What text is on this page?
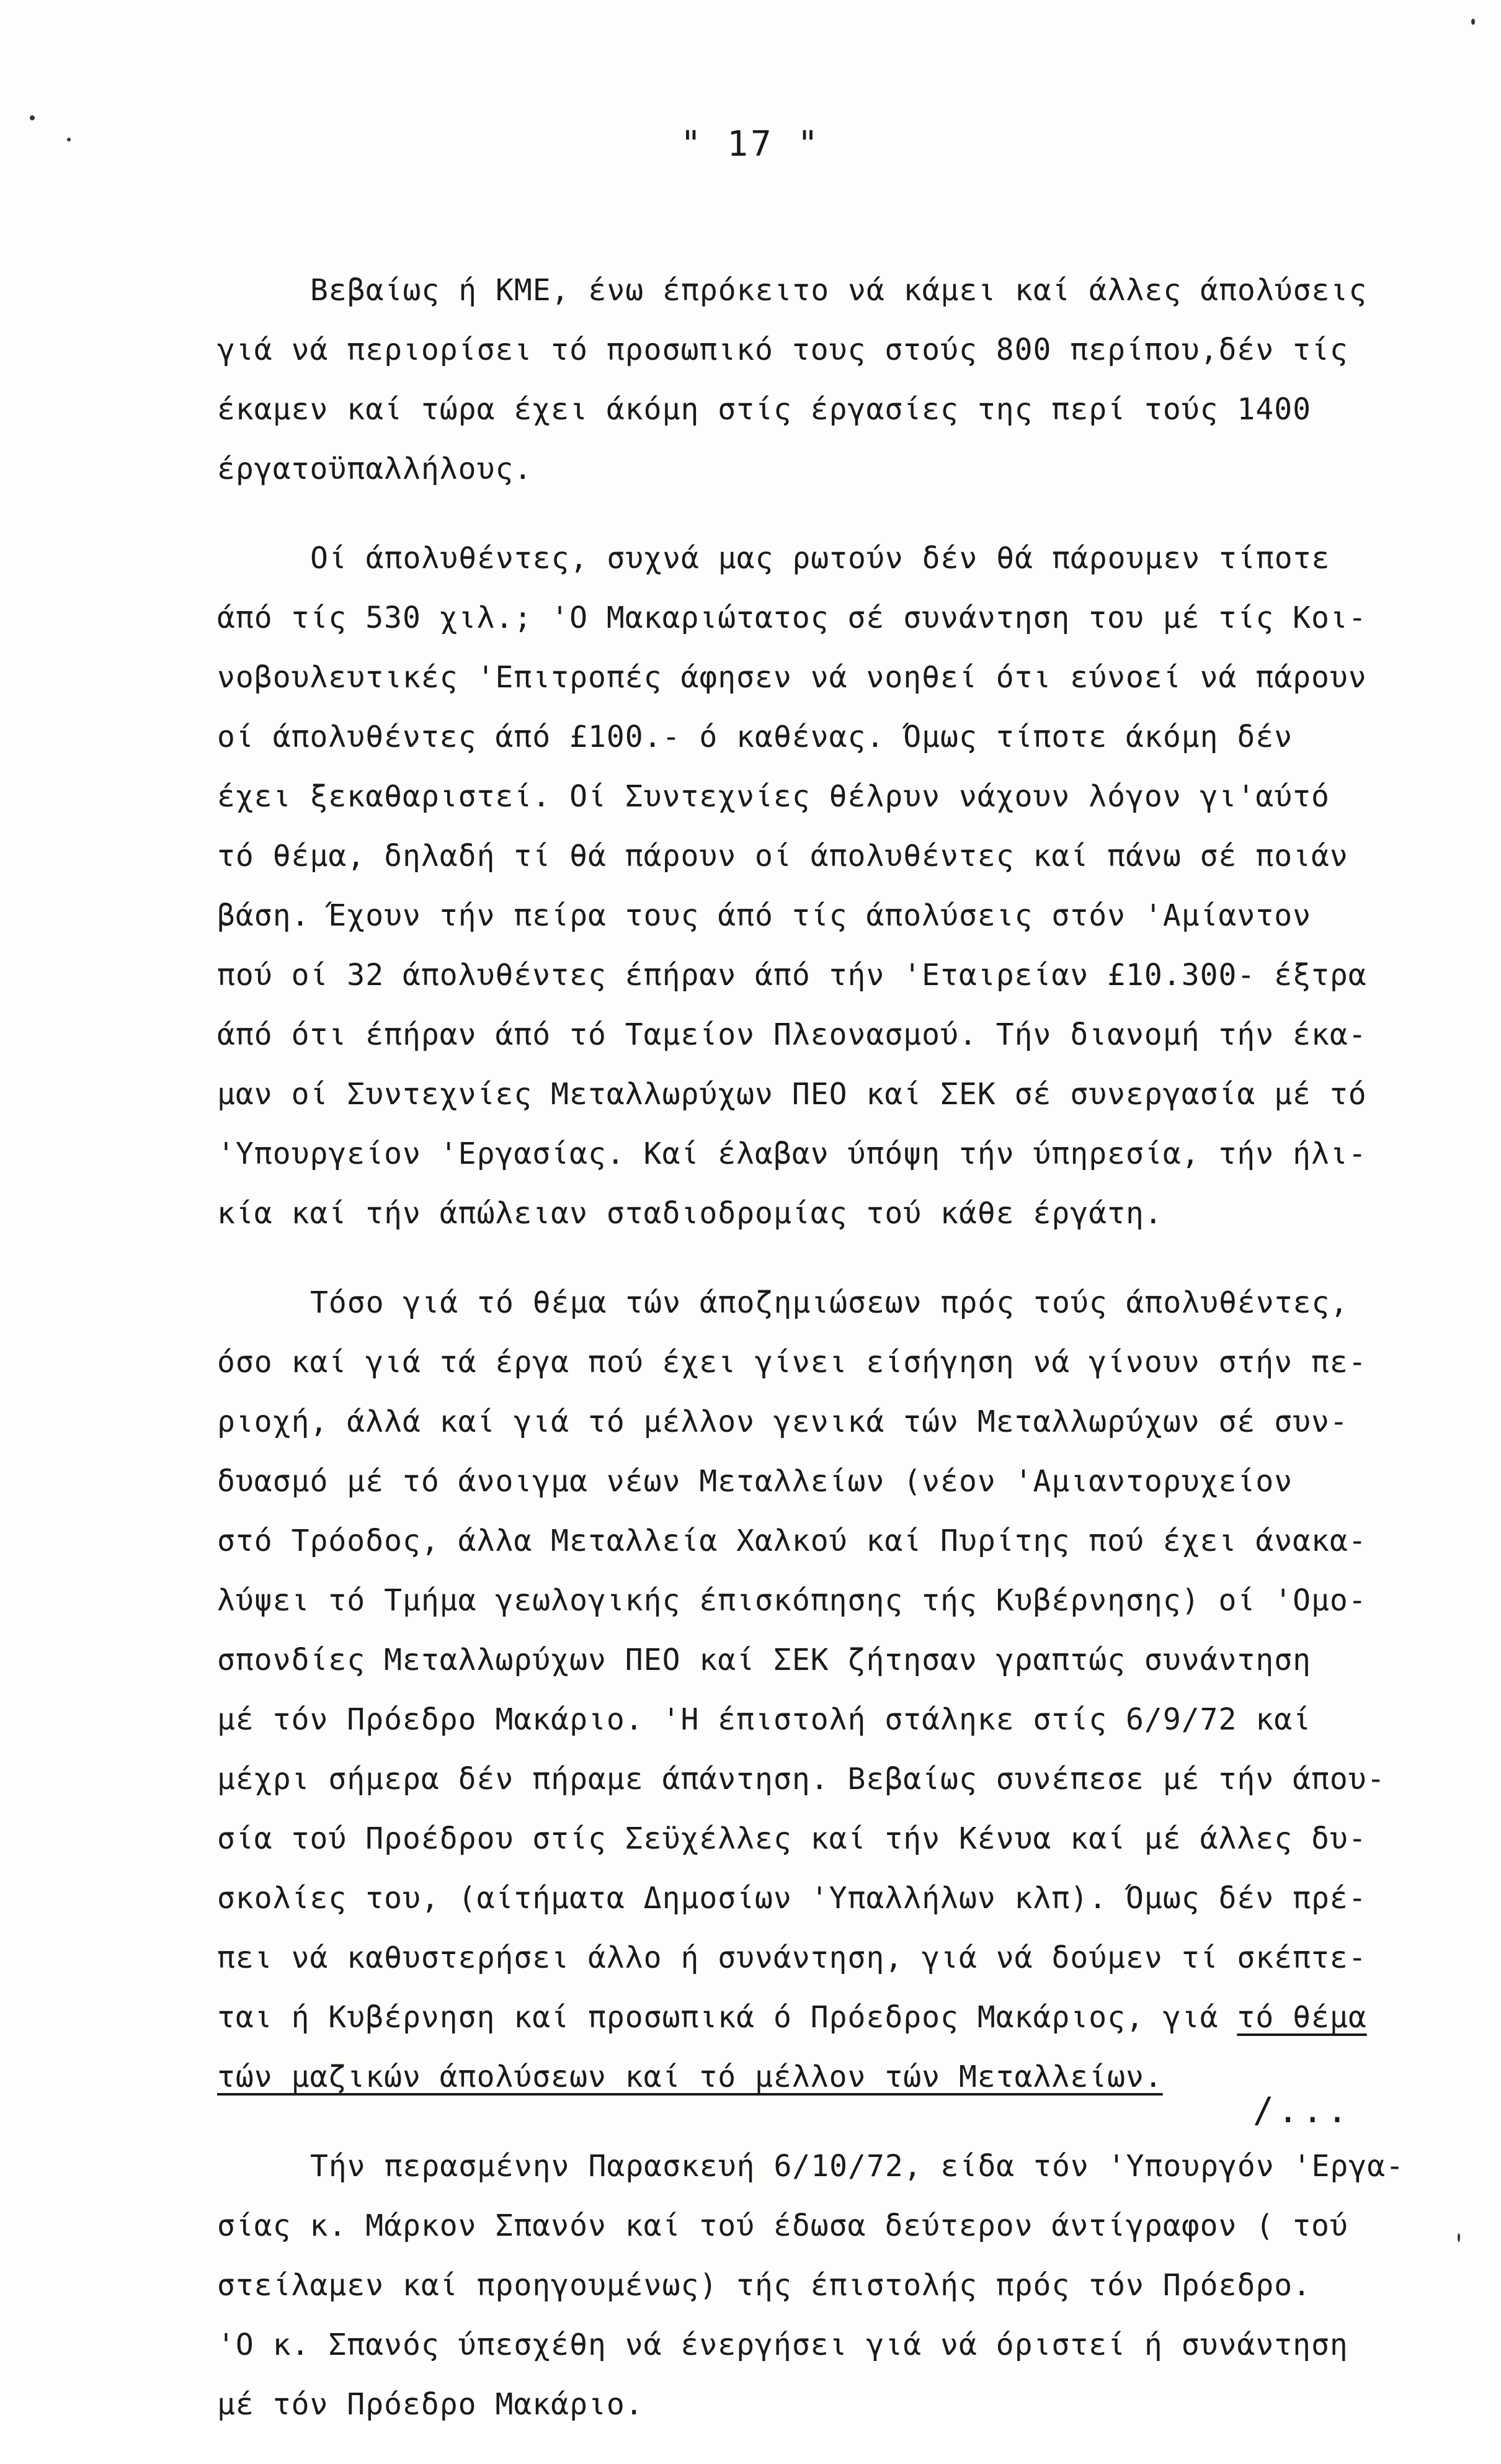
" 17 "
Βεβαίως ή ΚΜΕ, ένω έπρόκειτο νά κάμει καί άλλες άπολύσεις
γιά νά περιορίσει τό προσωπικό τους στούς 800 περίπου,δέν τίς
έκαμεν καί τώρα έχει άκόμη στίς έργασίες της περί τούς 1400
έργατοϋπαλλήλους.
Οί άπολυθέντες, συχνά μας ρωτούν δέν θά πάρουμεν τίποτε
άπό τίς 530 χιλ.; 'Ο Μακαριώτατος σέ συνάντηση του μέ τίς Κοι-
νοβουλευτικές 'Επιτροπές άφησεν νά νοηθεί ότι εύνοεί νά πάρουν
οί άπολυθέντες άπό £100.- ό καθένας. Όμως τίποτε άκόμη δέν
έχει ξεκαθαριστεί. Οί Συντεχνίες θέλρυν νάχουν λόγον γι'αύτό
τό θέμα, δηλαδή τί θά πάρουν οί άπολυθέντες καί πάνω σέ ποιάν
βάση. Έχουν τήν πείρα τους άπό τίς άπολύσεις στόν 'Αμίαντον
πού οί 32 άπολυθέντες έπήραν άπό τήν 'Εταιρείαν £10.300- έξτρα
άπό ότι έπήραν άπό τό Ταμείον Πλεονασμού. Τήν διανομή τήν έκα-
μαν οί Συντεχνίες Μεταλλωρύχων ΠΕΟ καί ΣΕΚ σέ συνεργασία μέ τό
'Υπουργείον 'Εργασίας. Καί έλαβαν ύπόψη τήν ύπηρεσία, τήν ήλι-
κία καί τήν άπώλειαν σταδιοδρομίας τού κάθε έργάτη.
Τόσο γιά τό θέμα τών άποζημιώσεων πρός τούς άπολυθέντες,
όσο καί γιά τά έργα πού έχει γίνει είσήγηση νά γίνουν στήν πε-
ριοχή, άλλά καί γιά τό μέλλον γενικά τών Μεταλλωρύχων σέ συν-
δυασμό μέ τό άνοιγμα νέων Μεταλλείων (νέον 'Αμιαντορυχείον
στό Τρόοδος, άλλα Μεταλλεία Χαλκού καί Πυρίτης πού έχει άνακα-
λύψει τό Τμήμα γεωλογικής έπισκόπησης τής Κυβέρνησης) οί 'Ομο-
σπονδίες Μεταλλωρύχων ΠΕΟ καί ΣΕΚ ζήτησαν γραπτώς συνάντηση
μέ τόν Πρόεδρο Μακάριο. 'Η έπιστολή στάληκε στίς 6/9/72 καί
μέχρι σήμερα δέν πήραμε άπάντηση. Βεβαίως συνέπεσε μέ τήν άπου-
σία τού Προέδρου στίς Σεϋχέλλες καί τήν Κένυα καί μέ άλλες δυ-
σκολίες του, (αίτήματα Δημοσίων 'Υπαλλήλων κλπ). Όμως δέν πρέ-
πει νά καθυστερήσει άλλο ή συνάντηση, γιά νά δούμεν τί σκέπτε-
ται ή Κυβέρνηση καί προσωπικά ό Πρόεδρος Μακάριος, γιά τό θέμα
τών μαζικών άπολύσεων καί τό μέλλον τών Μεταλλείων.
Τήν περασμένην Παρασκευή 6/10/72, είδα τόν 'Υπουργόν 'Εργα-
σίας κ. Μάρκον Σπανόν καί τού έδωσα δεύτερον άντίγραφον ( τού
στείλαμεν καί προηγουμένως) τής έπιστολής πρός τόν Πρόεδρο.
'Ο κ. Σπανός ύπεσχέθη νά ένεργήσει γιά νά όριστεί ή συνάντηση
μέ τόν Πρόεδρο Μακάριο.
/...
